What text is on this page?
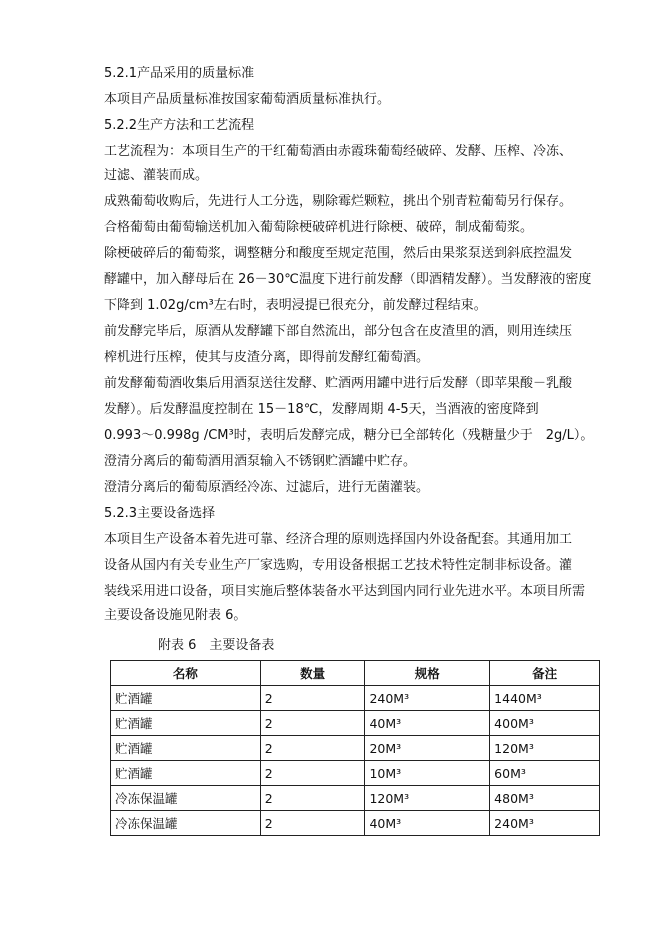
5.2.1产品采用的质量标准
本项目产品质量标准按国家葡萄酒质量标准执行。
5.2.2生产方法和工艺流程
工艺流程为：本项目生产的干红葡萄酒由赤霞珠葡萄经破碎、发酵、压榨、冷冻、
过滤、灌装而成。
成熟葡萄收购后，先进行人工分选，剔除霉烂颗粒，挑出个别青粒葡萄另行保存。
合格葡萄由葡萄输送机加入葡萄除梗破碎机进行除梗、破碎，制成葡萄浆。
除梗破碎后的葡萄浆，调整糖分和酸度至规定范围，然后由果浆泵送到斜底控温发
酵罐中，加入酵母后在 26－30℃温度下进行前发酵（即酒精发酵）。当发酵液的密度
下降到 1.02g/cm³左右时，表明浸提已很充分，前发酵过程结束。
前发酵完毕后，原酒从发酵罐下部自然流出，部分包含在皮渣里的酒，则用连续压
榨机进行压榨，使其与皮渣分离，即得前发酵红葡萄酒。
前发酵葡萄酒收集后用酒泵送往发酵、贮酒两用罐中进行后发酵（即苹果酸－乳酸
发酵）。后发酵温度控制在 15－18℃，发酵周期 4-5天，当酒液的密度降到
0.993～0.998g /CM³时，表明后发酵完成，糖分已全部转化（残糖量少于　2g/L）。
澄清分离后的葡萄酒用酒泵输入不锈钢贮酒罐中贮存。
澄清分离后的葡萄原酒经冷冻、过滤后，进行无菌灌装。
5.2.3主要设备选择
本项目生产设备本着先进可靠、经济合理的原则选择国内外设备配套。其通用加工
设备从国内有关专业生产厂家选购，专用设备根据工艺技术特性定制非标设备。灌
装线采用进口设备，项目实施后整体装备水平达到国内同行业先进水平。本项目所需
主要设备设施见附表 6。
附表 6　主要设备表
名称	数量	规格	备注
贮酒罐	2	240M³	1440M³
贮酒罐	2	40M³	400M³
贮酒罐	2	20M³	120M³
贮酒罐	2	10M³	60M³
冷冻保温罐	2	120M³	480M³
冷冻保温罐	2	40M³	240M³
